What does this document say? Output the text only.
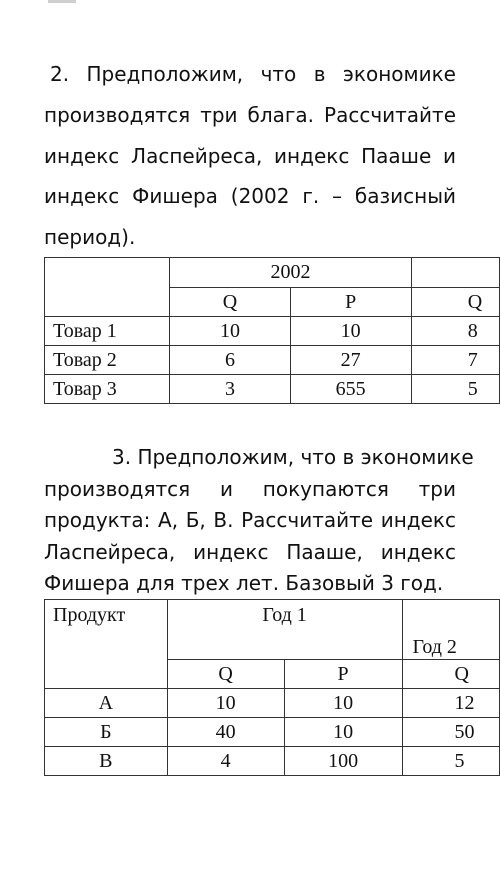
2. Предположим, что в экономике
производятся три блага. Рассчитайте
индекс Ласпейреса, индекс Пааше и
индекс Фишера (2002 г. – базисный
период).
	2002		
	Q	P	Q
Товар 1	10	10	8
Товар 2	6	27	7
Товар 3	3	655	5
3. Предположим, что в экономике
производятся и покупаются три
продукта: А, Б, В. Рассчитайте индекс
Ласпейреса, индекс Пааше, индекс
Фишера для трех лет. Базовый 3 год.
Продукт	Год 1		Год 2
	Q	P	Q
А	10	10	12
Б	40	10	50
В	4	100	5
